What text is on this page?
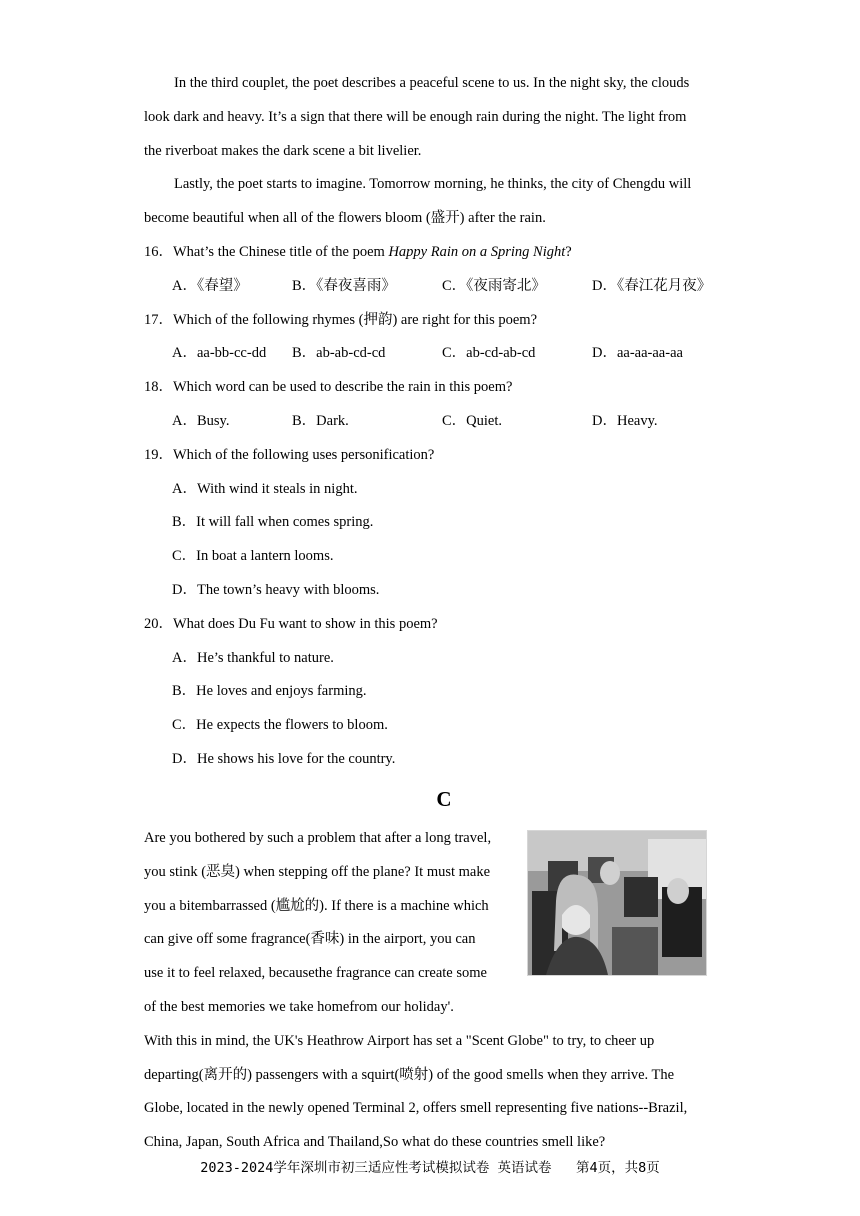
In the third couplet, the poet describes a peaceful scene to us. In the night sky, the clouds
look dark and heavy. It’s a sign that there will be enough rain during the night. The light from
the riverboat makes the dark scene a bit livelier.
Lastly, the poet starts to imagine. Tomorrow morning, he thinks, the city of Chengdu will
become beautiful when all of the flowers bloom (盛开) after the rain.
16．What’s the Chinese title of the poem Happy Rain on a Spring Night?
A．《春望》	B．《春夜喜雨》	C．《夜雨寄北》	D．《春江花月夜》
17．Which of the following rhymes (押韵) are right for this poem?
A．aa-bb-cc-dd B．ab-ab-cd-cd	C．ab-cd-ab-cd	D．aa-aa-aa-aa
18．Which word can be used to describe the rain in this poem?
A．Busy.	B．Dark.	C．Quiet.	D．Heavy.
19．Which of the following uses personification?
A．With wind it steals in night.
B．It will fall when comes spring.
C．In boat a lantern looms.
D．The town’s heavy with blooms.
20．What does Du Fu want to show in this poem?
A．He’s thankful to nature.
B．He loves and enjoys farming.
C．He expects the flowers to bloom.
D．He shows his love for the country.
C
Are you bothered by such a problem that after a long travel,
you stink (恶臭) when stepping off the plane? It must make
you a bitembarrassed (尴尬的). If there is a machine which
can give off some fragrance(香味) in the airport, you can
use it to feel relaxed, becausethe fragrance can create some
of the best memories we take homefrom our holiday'.
With this in mind, the UK's Heathrow Airport has set a "Scent Globe" to try, to cheer up
departing(离开的) passengers with a squirt(喷射) of the good smells when they arrive. The
Globe, located in the newly opened Terminal 2, offers smell representing five nations--Brazil,
China, Japan, South Africa and Thailand,So what do these countries smell like?
2023-2024学年深圳市初三适应性考试模拟试卷 英语试卷 第4页，共8页
